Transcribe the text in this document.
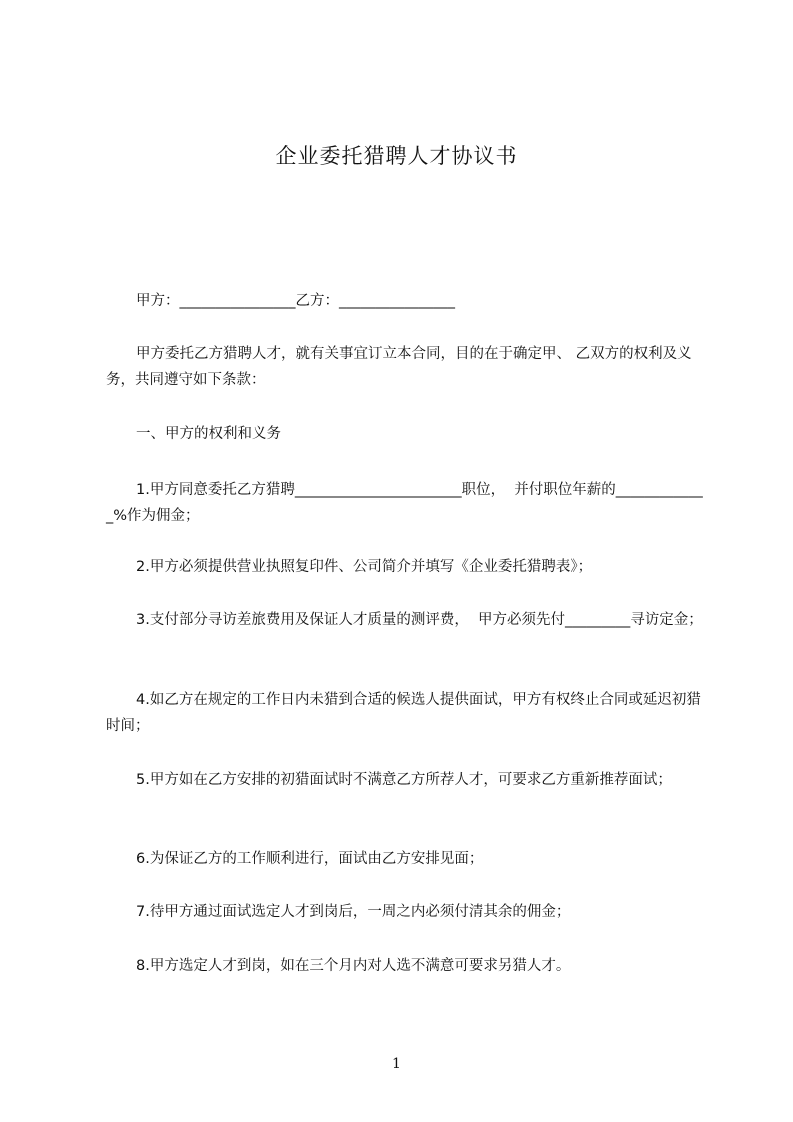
企业委托猎聘人才协议书
甲方：________________乙方：________________
甲方委托乙方猎聘人才，就有关事宜订立本合同，目的在于确定甲、 乙双方的权利及义务，共同遵守如下条款：
一、甲方的权利和义务
1.甲方同意委托乙方猎聘_______________________职位，  并付职位年薪的_____________%作为佣金；
2.甲方必须提供营业执照复印件、公司简介并填写《企业委托猎聘表》；
3.支付部分寻访差旅费用及保证人才质量的测评费，  甲方必须先付_________寻访定金；
4.如乙方在规定的工作日内未猎到合适的候选人提供面试，甲方有权终止合同或延迟初猎时间；
5.甲方如在乙方安排的初猎面试时不满意乙方所荐人才，可要求乙方重新推荐面试；
6.为保证乙方的工作顺利进行，面试由乙方安排见面；
7.待甲方通过面试选定人才到岗后，一周之内必须付清其余的佣金；
8.甲方选定人才到岗，如在三个月内对人选不满意可要求另猎人才。
1
